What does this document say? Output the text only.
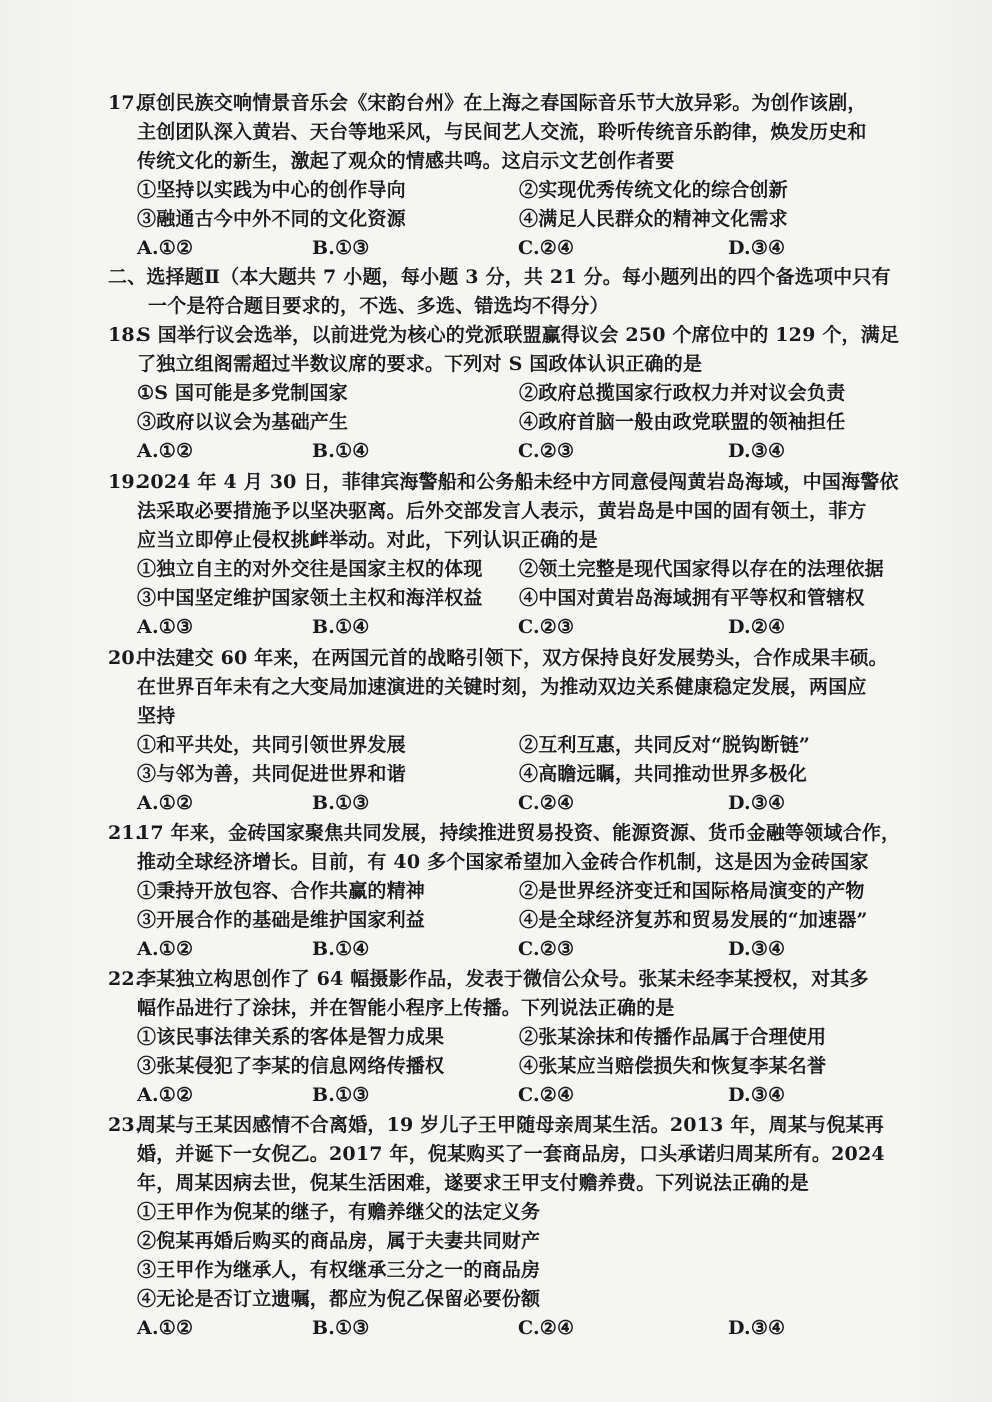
17.
原创民族交响情景音乐会《宋韵台州》在上海之春国际音乐节大放异彩。为创作该剧，
主创团队深入黄岩、天台等地采风，与民间艺人交流，聆听传统音乐韵律，焕发历史和
传统文化的新生，激起了观众的情感共鸣。这启示文艺创作者要
①坚持以实践为中心的创作导向	②实现优秀传统文化的综合创新
③融通古今中外不同的文化资源	④满足人民群众的精神文化需求
A.①②	B.①③	C.②④	D.③④
二、选择题Ⅱ（本大题共 7 小题，每小题 3 分，共 21 分。每小题列出的四个备选项中只有
一个是符合题目要求的，不选、多选、错选均不得分）
18.
S 国举行议会选举，以前进党为核心的党派联盟赢得议会 250 个席位中的 129 个，满足
了独立组阁需超过半数议席的要求。下列对 S 国政体认识正确的是
①S 国可能是多党制国家	②政府总揽国家行政权力并对议会负责
③政府以议会为基础产生	④政府首脑一般由政党联盟的领袖担任
A.①②	B.①④	C.②③	D.③④
19.
2024 年 4 月 30 日，菲律宾海警船和公务船未经中方同意侵闯黄岩岛海域，中国海警依
法采取必要措施予以坚决驱离。后外交部发言人表示，黄岩岛是中国的固有领土，菲方
应当立即停止侵权挑衅举动。对此，下列认识正确的是
①独立自主的对外交往是国家主权的体现 ②领土完整是现代国家得以存在的法理依据
③中国坚定维护国家领土主权和海洋权益 ④中国对黄岩岛海域拥有平等权和管辖权
A.①③	B.①④	C.②③	D.②④
20.
中法建交 60 年来，在两国元首的战略引领下，双方保持良好发展势头，合作成果丰硕。
在世界百年未有之大变局加速演进的关键时刻，为推动双边关系健康稳定发展，两国应
坚持
①和平共处，共同引领世界发展	②互利互惠，共同反对“脱钩断链”
③与邻为善，共同促进世界和谐	④高瞻远瞩，共同推动世界多极化
A.①②	B.①③	C.②④	D.③④
21.
17 年来，金砖国家聚焦共同发展，持续推进贸易投资、能源资源、货币金融等领域合作，
推动全球经济增长。目前，有 40 多个国家希望加入金砖合作机制，这是因为金砖国家
①秉持开放包容、合作共赢的精神	②是世界经济变迁和国际格局演变的产物
③开展合作的基础是维护国家利益	④是全球经济复苏和贸易发展的“加速器”
A.①②	B.①④	C.②③	D.③④
22.
李某独立构思创作了 64 幅摄影作品，发表于微信公众号。张某未经李某授权，对其多
幅作品进行了涂抹，并在智能小程序上传播。下列说法正确的是
①该民事法律关系的客体是智力成果	②张某涂抹和传播作品属于合理使用
③张某侵犯了李某的信息网络传播权	④张某应当赔偿损失和恢复李某名誉
A.①②	B.①③	C.②④	D.③④
23.
周某与王某因感情不合离婚，19 岁儿子王甲随母亲周某生活。2013 年，周某与倪某再
婚，并诞下一女倪乙。2017 年，倪某购买了一套商品房，口头承诺归周某所有。2024
年，周某因病去世，倪某生活困难，遂要求王甲支付赡养费。下列说法正确的是
①王甲作为倪某的继子，有赡养继父的法定义务
②倪某再婚后购买的商品房，属于夫妻共同财产
③王甲作为继承人，有权继承三分之一的商品房
④无论是否订立遗嘱，都应为倪乙保留必要份额
A.①②	B.①③	C.②④	D.③④
